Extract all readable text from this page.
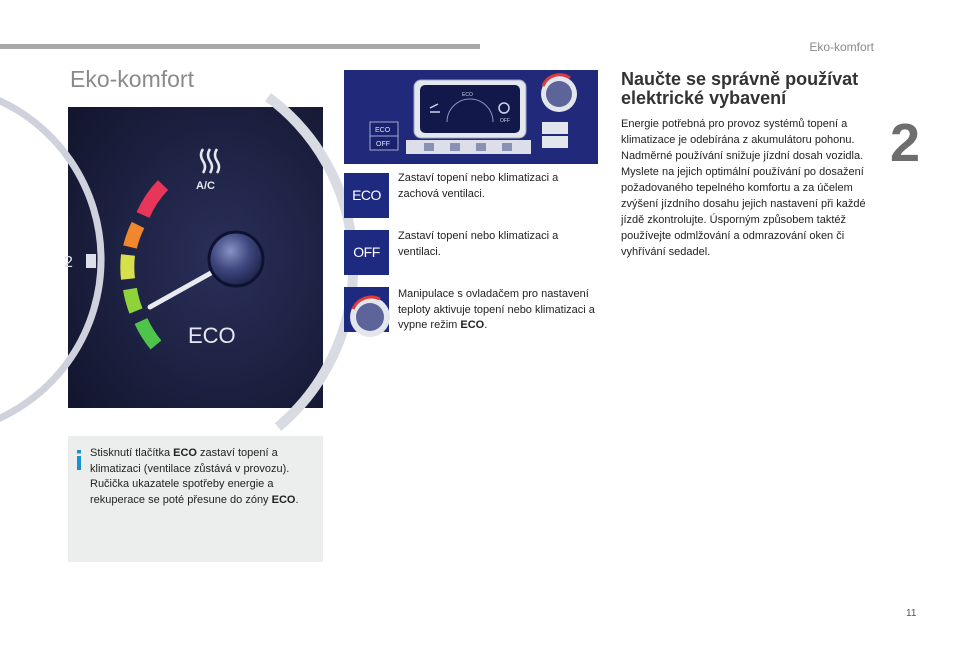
Eko-komfort
2
11
Eko-komfort
2
A/C
ECO

Stisknutí tlačítka ECO zastaví topení a klimatizaci (ventilace zůstává v provozu). Ručička ukazatele spotřeby energie a rekuperace se poté přesune do zóny ECO.

ECO
OFF
ECO
OFF
ECO

Zastaví topení nebo klimatizaci a zachová ventilaci.

OFF

Zastaví topení nebo klimatizaci a ventilaci.

Manipulace s ovladačem pro nastavení teploty aktivuje topení nebo klimatizaci a vypne režim ECO.

Naučte se správně používat elektrické vybavení

Energie potřebná pro provoz systémů topení a klimatizace je odebírána z akumulátoru pohonu. Nadměrné používání snižuje jízdní dosah vozidla. Myslete na jejich optimální používání po dosažení požadovaného tepelného komfortu a za účelem zvýšení jízdního dosahu jejich nastavení při každé jízdě zkontrolujte. Úsporným způsobem taktéž používejte odmlžování a odmrazování oken či vyhřívání sedadel.
